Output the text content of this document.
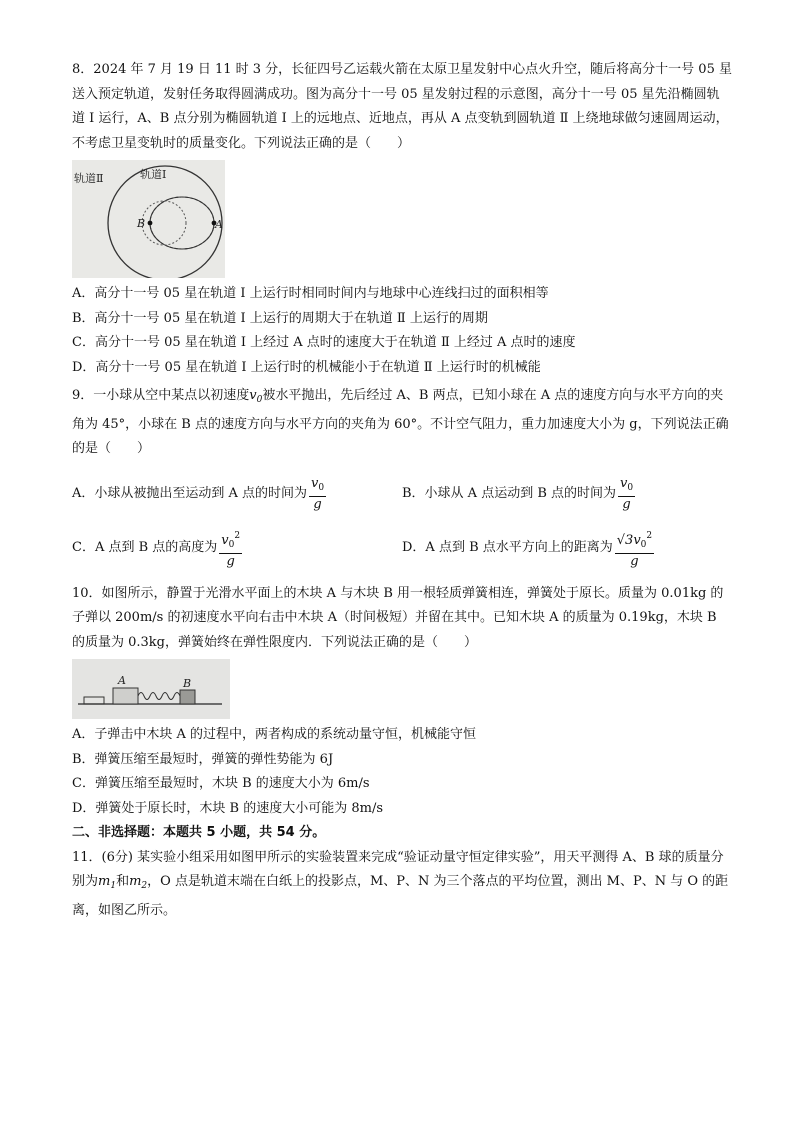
8．2024 年 7 月 19 日 11 时 3 分，长征四号乙运载火箭在太原卫星发射中心点火升空，随后将高分十一号 05 星送入预定轨道，发射任务取得圆满成功。图为高分十一号 05 星发射过程的示意图，高分十一号 05 星先沿椭圆轨道 Ⅰ 运行，A、B 点分别为椭圆轨道 Ⅰ 上的远地点、近地点，再从 A 点变轨到圆轨道 Ⅱ 上绕地球做匀速圆周运动，不考虑卫星变轨时的质量变化。下列说法正确的是（　　）

轨道Ⅱ	轨道Ⅰ
B	A
A．高分十一号 05 星在轨道 Ⅰ 上运行时相同时间内与地球中心连线扫过的面积相等
B．高分十一号 05 星在轨道 Ⅰ 上运行的周期大于在轨道 Ⅱ 上运行的周期
C．高分十一号 05 星在轨道 Ⅰ 上经过 A 点时的速度大于在轨道 Ⅱ 上经过 A 点时的速度
D．高分十一号 05 星在轨道 Ⅰ 上运行时的机械能小于在轨道 Ⅱ 上运行时的机械能

9．一小球从空中某点以初速度$v_0$被水平抛出，先后经过 A、B 两点，已知小球在 A 点的速度方向与水平方向的夹角为 45°，小球在 B 点的速度方向与水平方向的夹角为 60°。不计空气阻力，重力加速度大小为 g，下列说法正确的是（　　）

A．小球从被抛出至运动到 A 点的时间为 $\frac{v_0}{g}$	B．小球从 A 点运动到 B 点的时间为 $\frac{v_0}{g}$
C．A 点到 B 点的高度为 $\frac{v_0^2}{g}$	D．A 点到 B 点水平方向上的距离为 $\frac{√3v_0^2}{g}$

10．如图所示，静置于光滑水平面上的木块 A 与木块 B 用一根轻质弹簧相连，弹簧处于原长。质量为 0.01kg 的子弹以 200m/s 的初速度水平向右击中木块 A（时间极短）并留在其中。已知木块 A 的质量为 0.19kg，木块 B 的质量为 0.3kg，弹簧始终在弹性限度内．下列说法正确的是（　　）

A	B
A．子弹击中木块 A 的过程中，两者构成的系统动量守恒，机械能守恒
B．弹簧压缩至最短时，弹簧的弹性势能为 6J
C．弹簧压缩至最短时，木块 B 的速度大小为 6m/s
D．弹簧处于原长时，木块 B 的速度大小可能为 8m/s

二、非选择题：本题共 5 小题，共 54 分。

11．(6分) 某实验小组采用如图甲所示的实验装置来完成“验证动量守恒定律实验”，用天平测得 A、B 球的质量分别为$m_1$和$m_2$，O 点是轨道末端在白纸上的投影点，M、P、N 为三个落点的平均位置，测出 M、P、N 与 O 的距离，如图乙所示。
